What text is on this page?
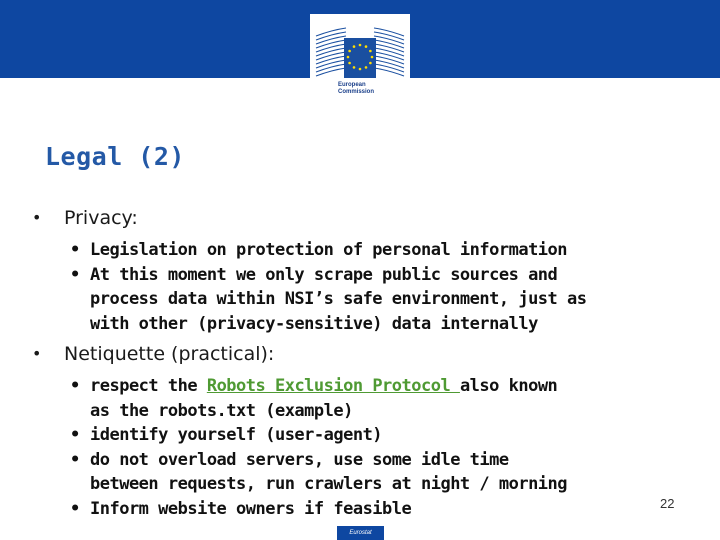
European
Commission
Legal (2)
• Privacy:
• Legislation on protection of personal information
• At this moment we only scrape public sources and
process data within NSI’s safe environment, just as
with other (privacy-sensitive) data internally
• Netiquette (practical):
• respect the Robots Exclusion Protocol also known
as the robots.txt (example)
• identify yourself (user-agent)
• do not overload servers, use some idle time
between requests, run crawlers at night / morning
• Inform website owners if feasible	22
Eurostat
